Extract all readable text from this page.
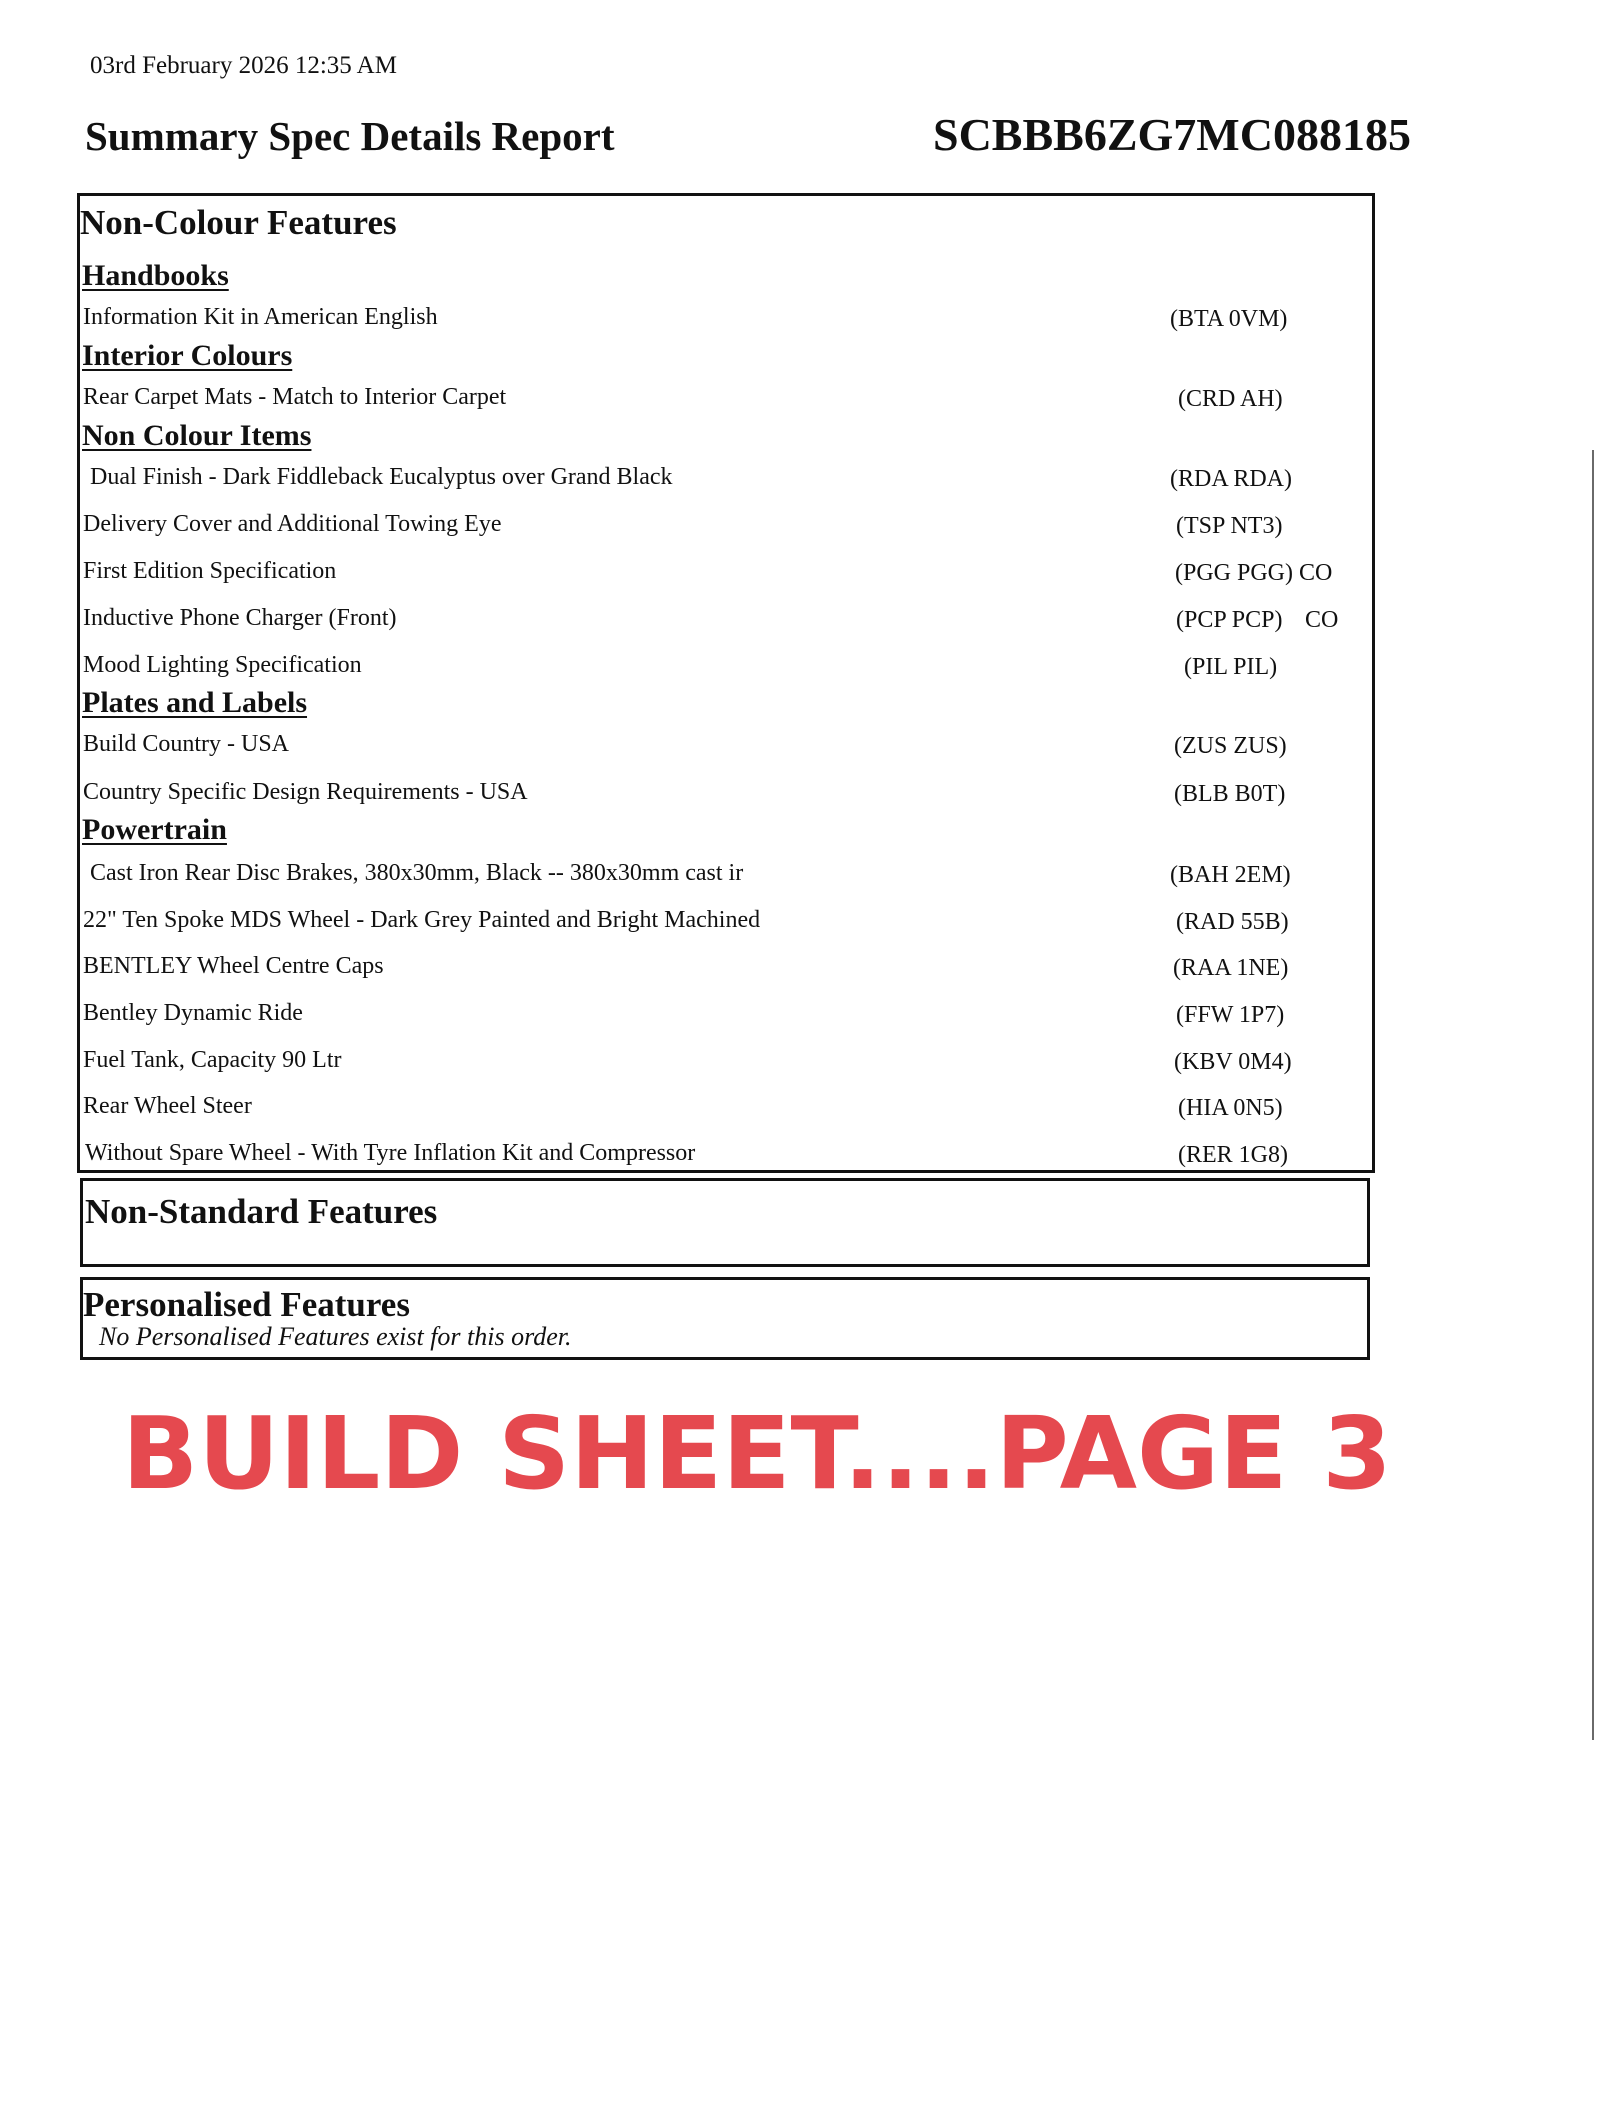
03rd February 2026 12:35 AM
Summary Spec Details Report	SCBBB6ZG7MC088185
Non-Colour Features
Handbooks
Information Kit in American English	(BTA 0VM)
Interior Colours
Rear Carpet Mats - Match to Interior Carpet	(CRD AH)
Non Colour Items
Dual Finish - Dark Fiddleback Eucalyptus over Grand Black	(RDA RDA)
Delivery Cover and Additional Towing Eye	(TSP NT3)
First Edition Specification	(PGG PGG) CO
Inductive Phone Charger (Front)	(PCP PCP) CO
Mood Lighting Specification	(PIL PIL)
Plates and Labels
Build Country - USA	(ZUS ZUS)
Country Specific Design Requirements - USA	(BLB B0T)
Powertrain
Cast Iron Rear Disc Brakes, 380x30mm, Black -- 380x30mm cast ir	(BAH 2EM)
22" Ten Spoke MDS Wheel - Dark Grey Painted and Bright Machined	(RAD 55B)
BENTLEY Wheel Centre Caps	(RAA 1NE)
Bentley Dynamic Ride	(FFW 1P7)
Fuel Tank, Capacity 90 Ltr	(KBV 0M4)
Rear Wheel Steer	(HIA 0N5)
Without Spare Wheel - With Tyre Inflation Kit and Compressor	(RER 1G8)
Non-Standard Features
Personalised Features
No Personalised Features exist for this order.
BUILD SHEET....PAGE 3
